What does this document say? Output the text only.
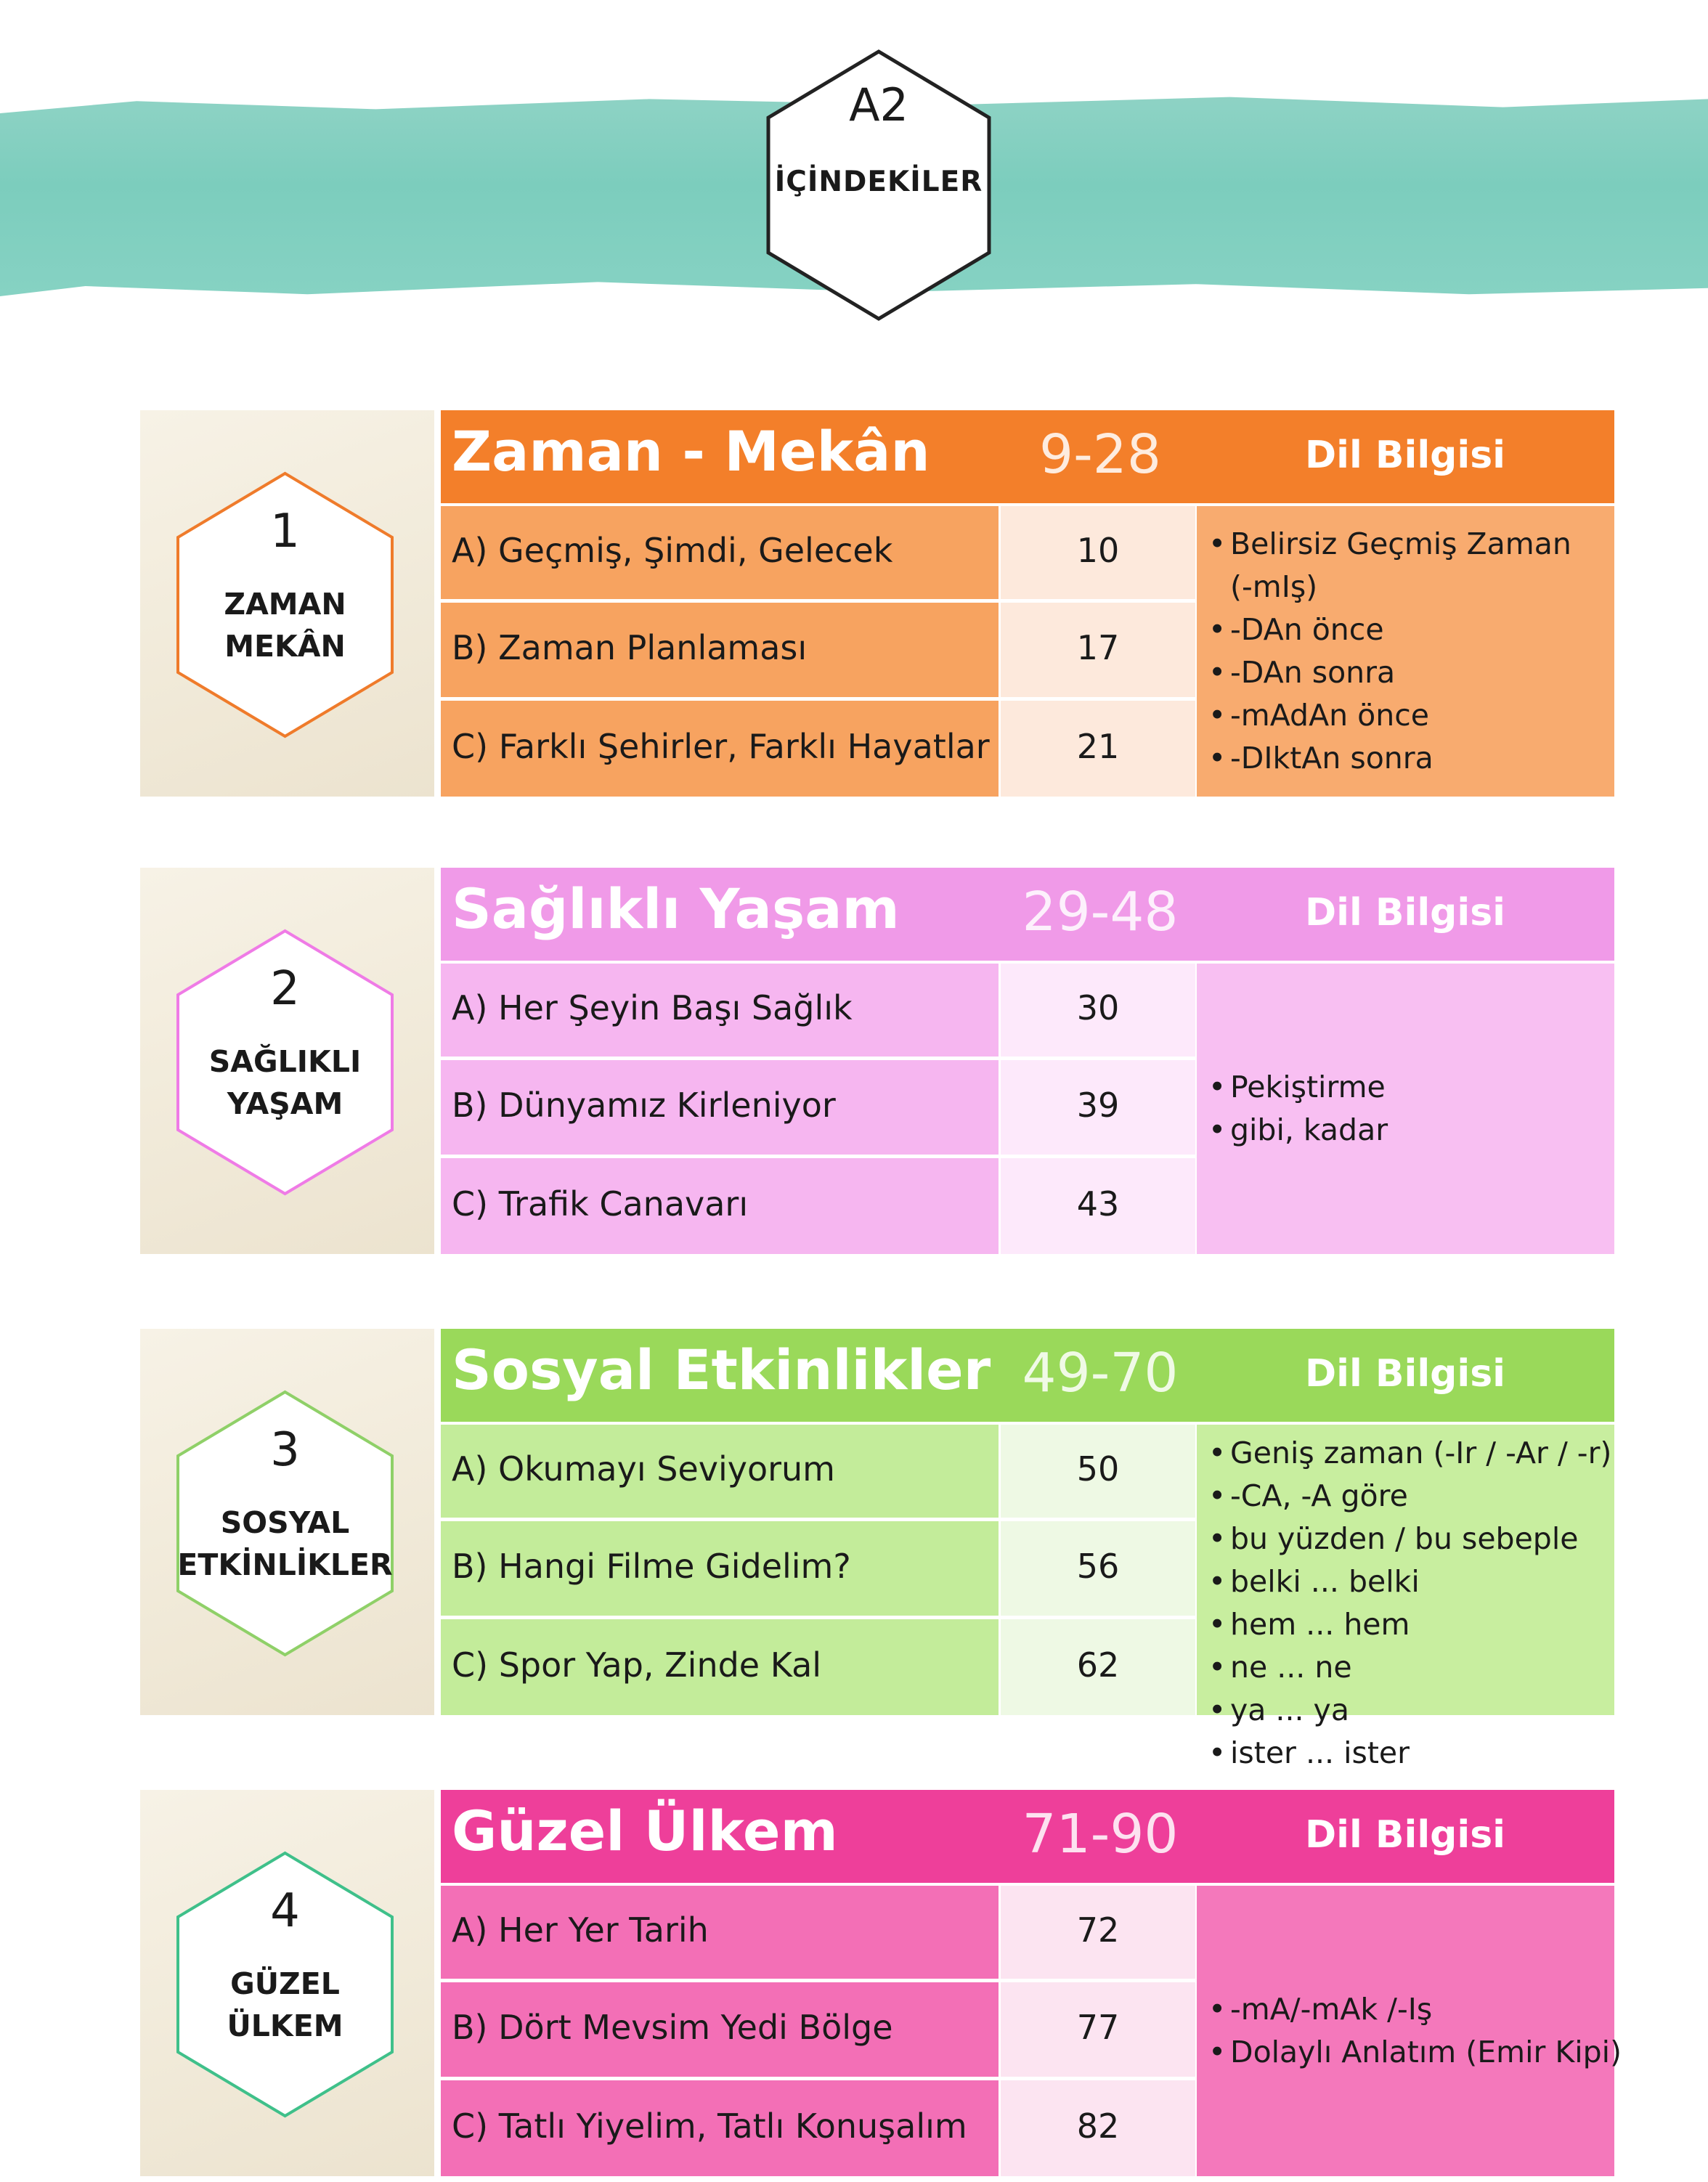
A2
İÇİNDEKİLER
1
ZAMAN
MEKÂN
Zaman - Mekân	9-28	Dil Bilgisi
A) Geçmiş, Şimdi, Gelecek	10
B) Zaman Planlaması	17
C) Farklı Şehirler, Farklı Hayatlar	21
• Belirsiz Geçmiş Zaman
(-mIş)
• -DAn önce
• -DAn sonra
• -mAdAn önce
• -DIktAn sonra
2
SAĞLIKLI
YAŞAM
Sağlıklı Yaşam	29-48	Dil Bilgisi
A) Her Şeyin Başı Sağlık	30
B) Dünyamız Kirleniyor	39
C) Trafik Canavarı	43
• Pekiştirme
• gibi, kadar
3
SOSYAL
ETKİNLİKLER
Sosyal Etkinlikler 49-70	Dil Bilgisi
A) Okumayı Seviyorum	50
B) Hangi Filme Gidelim?	56
C) Spor Yap, Zinde Kal	62
• Geniş zaman (-Ir / -Ar / -r)
• -CA, -A göre
• bu yüzden / bu sebeple
• belki ... belki
• hem ... hem
• ne ... ne
• ya ... ya
• ister ... ister
4
GÜZEL
ÜLKEM
Güzel Ülkem	71-90	Dil Bilgisi
A) Her Yer Tarih	72
B) Dört Mevsim Yedi Bölge	77
C) Tatlı Yiyelim, Tatlı Konuşalım	82
• -mA/-mAk /-Iş
• Dolaylı Anlatım (Emir Kipi)
